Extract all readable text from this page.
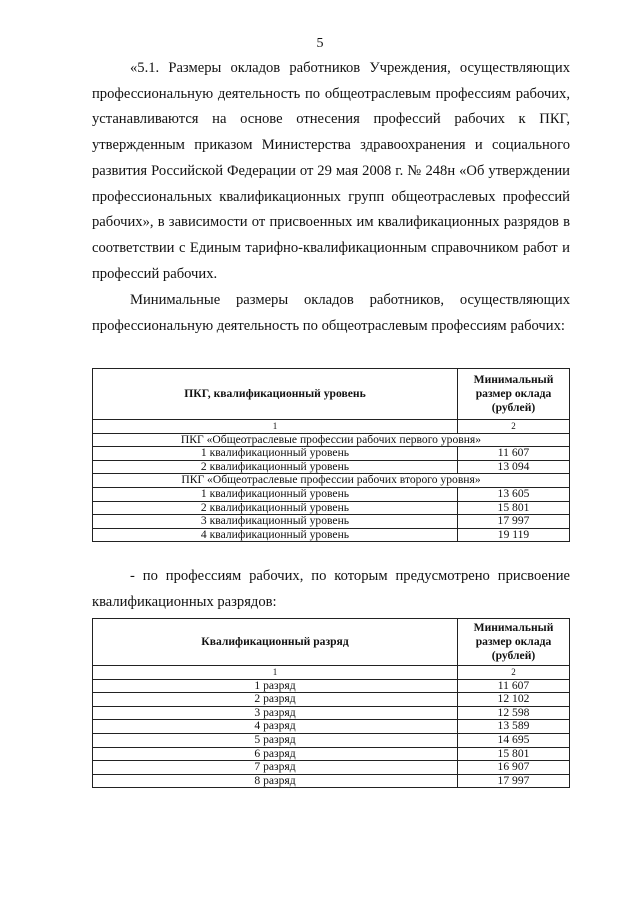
5

«5.1. Размеры окладов работников Учреждения, осуществляющих профессиональную деятельность по общеотраслевым профессиям рабочих, устанавливаются на основе отнесения профессий рабочих к ПКГ, утвержденным приказом Министерства здравоохранения и социального развития Российской Федерации от 29 мая 2008 г. № 248н «Об утверждении профессиональных квалификационных групп общеотраслевых профессий рабочих», в зависимости от присвоенных им квалификационных разрядов в соответствии с Единым тарифно-квалификационным справочником работ и профессий рабочих.

Минимальные размеры окладов работников, осуществляющих профессиональную деятельность по общеотраслевым профессиям рабочих:

ПКГ, квалификационный уровень	Минимальный размер оклада (рублей)
1	2
ПКГ «Общеотраслевые профессии рабочих первого уровня»	
1 квалификационный уровень	11 607
2 квалификационный уровень	13 094
ПКГ «Общеотраслевые профессии рабочих второго уровня»	
1 квалификационный уровень	13 605
2 квалификационный уровень	15 801
3 квалификационный уровень	17 997
4 квалификационный уровень	19 119

- по профессиям рабочих, по которым предусмотрено присвоение квалификационных разрядов:

Квалификационный разряд	Минимальный размер оклада (рублей)
1	2
1 разряд	11 607
2 разряд	12 102
3 разряд	12 598
4 разряд	13 589
5 разряд	14 695
6 разряд	15 801
7 разряд	16 907
8 разряд	17 997
